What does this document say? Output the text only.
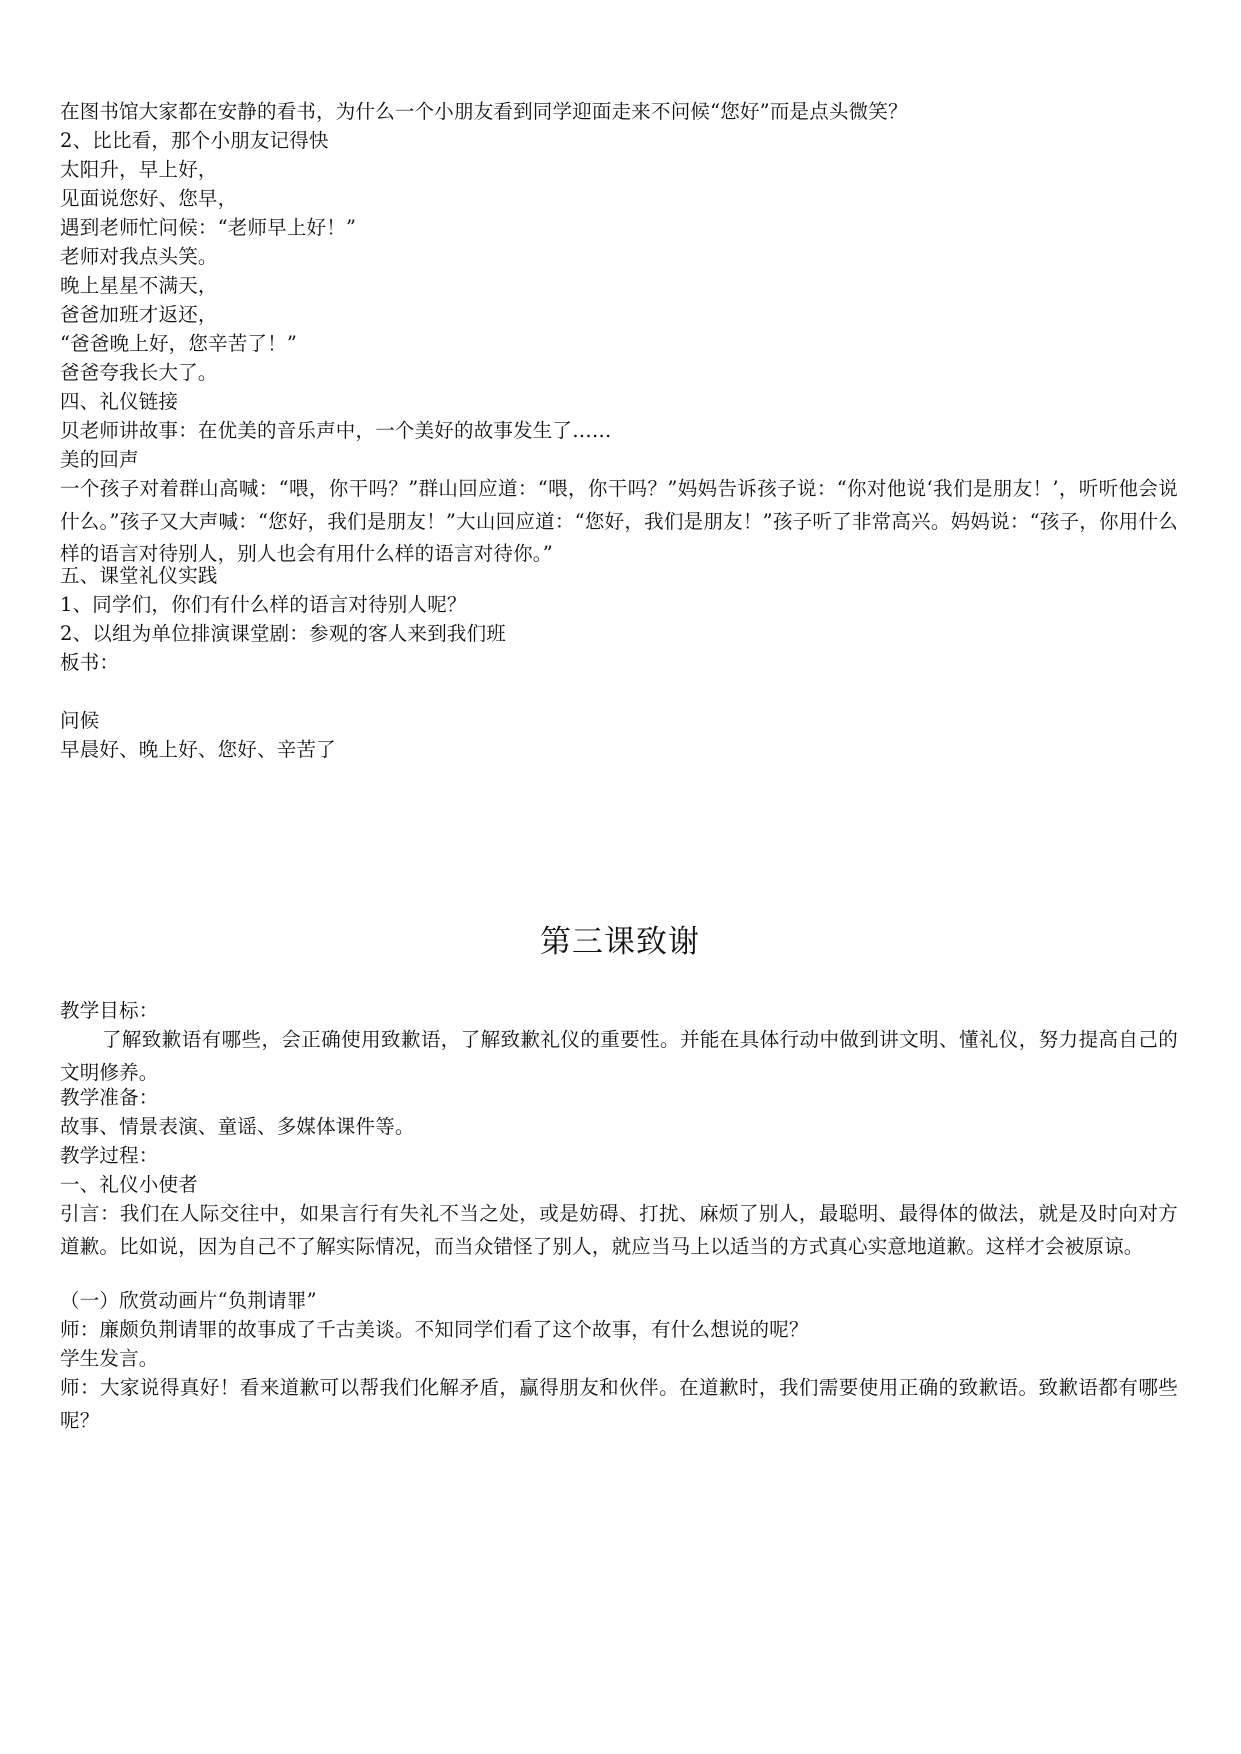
在图书馆大家都在安静的看书，为什么一个小朋友看到同学迎面走来不问候“您好”而是点头微笑？
2、比比看，那个小朋友记得快
太阳升，早上好，
见面说您好、您早，
遇到老师忙问候：“老师早上好！”
老师对我点头笑。
晚上星星不满天，
爸爸加班才返还，
“爸爸晚上好，您辛苦了！”
爸爸夸我长大了。
四、礼仪链接
贝老师讲故事：在优美的音乐声中，一个美好的故事发生了……
美的回声
一个孩子对着群山高喊：“喂，你干吗？”群山回应道：“喂，你干吗？”妈妈告诉孩子说：“你对他说‘我们是朋友！’，听听他会说什么。”孩子又大声喊：“您好，我们是朋友！”大山回应道：“您好，我们是朋友！”孩子听了非常高兴。妈妈说：“孩子，你用什么样的语言对待别人，别人也会有用什么样的语言对待你。”
五、课堂礼仪实践
1、同学们，你们有什么样的语言对待别人呢？
2、以组为单位排演课堂剧：参观的客人来到我们班
板书：
问候
早晨好、晚上好、您好、辛苦了
第三课致谢
教学目标：
了解致歉语有哪些，会正确使用致歉语，了解致歉礼仪的重要性。并能在具体行动中做到讲文明、懂礼仪，努力提高自己的文明修养。
教学准备：
故事、情景表演、童谣、多媒体课件等。
教学过程：
一、礼仪小使者
引言：我们在人际交往中，如果言行有失礼不当之处，或是妨碍、打扰、麻烦了别人，最聪明、最得体的做法，就是及时向对方道歉。比如说，因为自己不了解实际情况，而当众错怪了别人，就应当马上以适当的方式真心实意地道歉。这样才会被原谅。
（一）欣赏动画片“负荆请罪”
师：廉颇负荆请罪的故事成了千古美谈。不知同学们看了这个故事，有什么想说的呢？
学生发言。
师：大家说得真好！看来道歉可以帮我们化解矛盾，赢得朋友和伙伴。在道歉时，我们需要使用正确的致歉语。致歉语都有哪些呢？
